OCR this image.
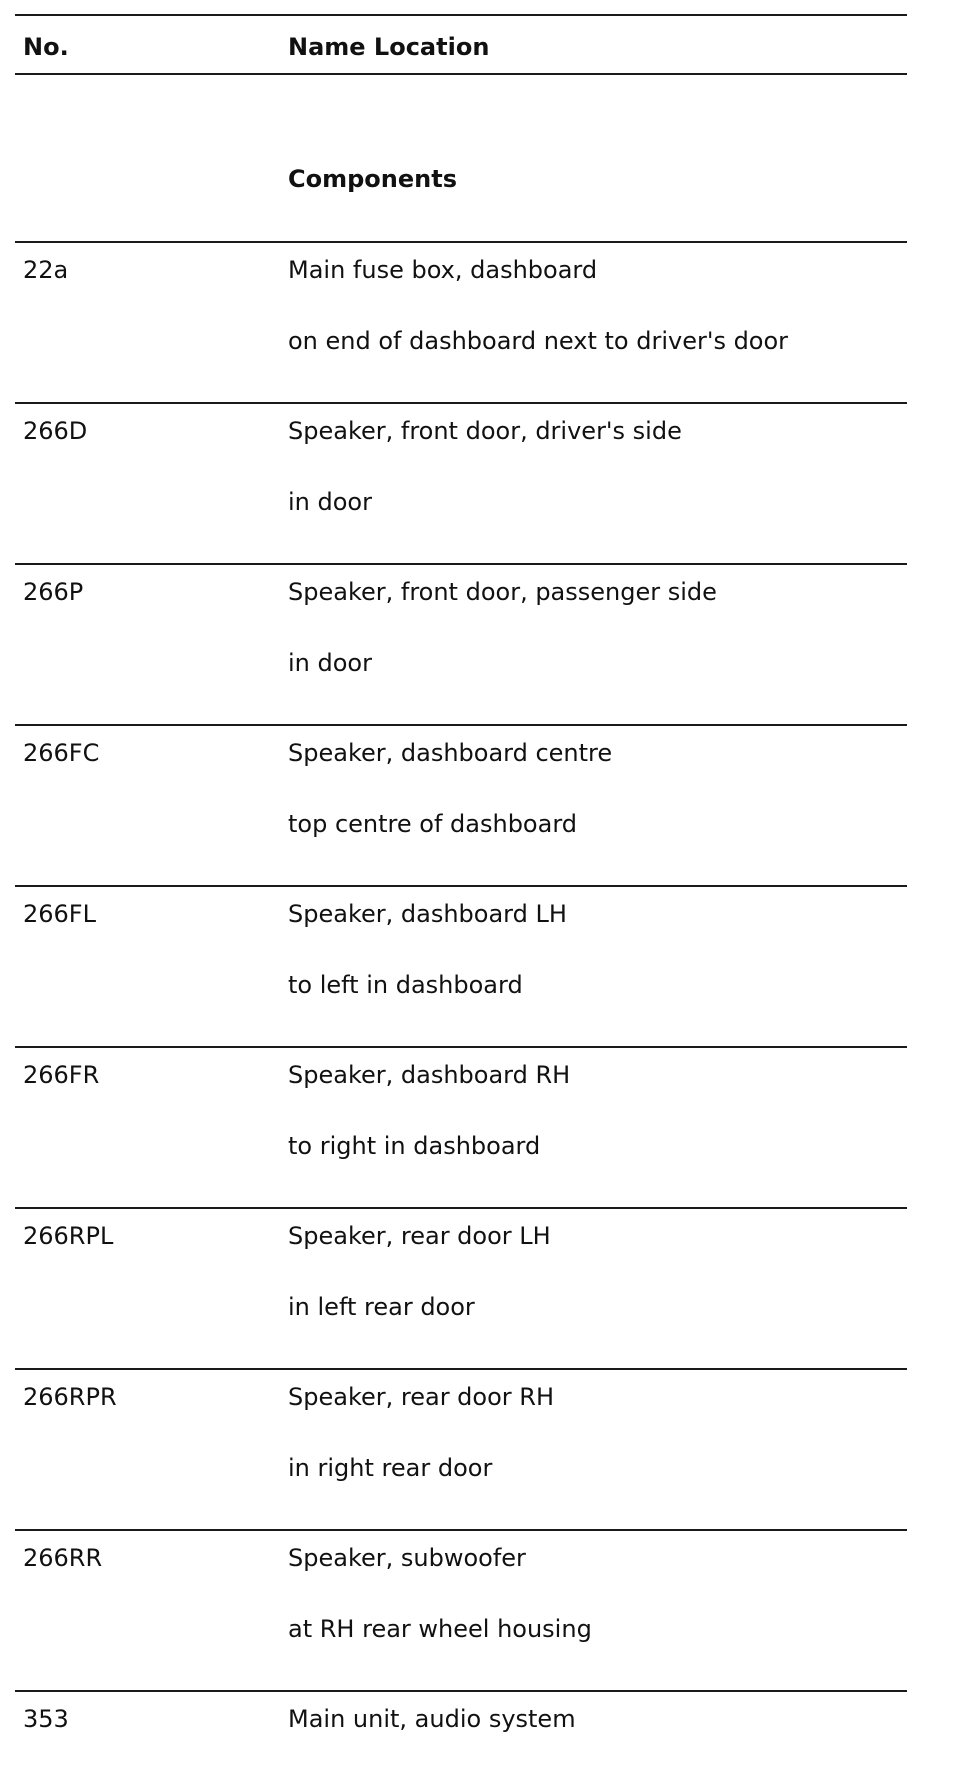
No.	Name Location
Components
22a	Main fuse box, dashboard
on end of dashboard next to driver's door
266D	Speaker, front door, driver's side
in door
266P	Speaker, front door, passenger side
in door
266FC	Speaker, dashboard centre
top centre of dashboard
266FL	Speaker, dashboard LH
to left in dashboard
266FR	Speaker, dashboard RH
to right in dashboard
266RPL	Speaker, rear door LH
in left rear door
266RPR	Speaker, rear door RH
in right rear door
266RR	Speaker, subwoofer
at RH rear wheel housing
353	Main unit, audio system
